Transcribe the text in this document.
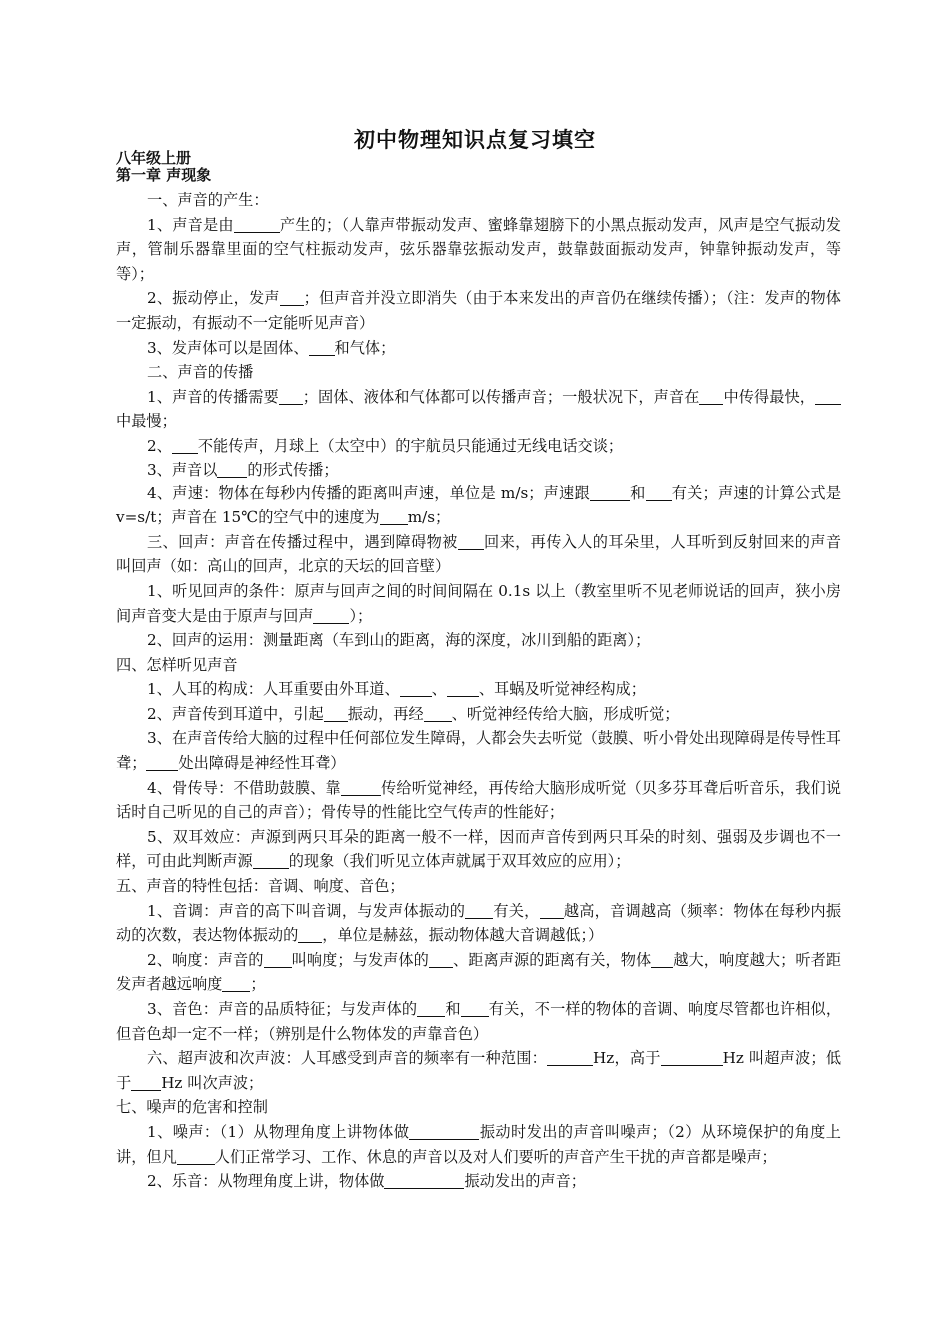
初中物理知识点复习填空

八年级上册

第一章 声现象

一、声音的产生：

1、声音是由	产生的；（人靠声带振动发声、蜜蜂靠翅膀下的小黑点振动发声，风声是空气振动发声，管制乐器靠里面的空气柱振动发声，弦乐器靠弦振动发声，鼓靠鼓面振动发声，钟靠钟振动发声，等等）；

2、振动停止，发声 ；但声音并没立即消失（由于本来发出的声音仍在继续传播）；（注：发声的物体一定振动，有振动不一定能听见声音）

3、发声体可以是固体、 和气体；

二、声音的传播

1、声音的传播需要 ；固体、液体和气体都可以传播声音；一般状况下，声音在 中传得最快，中最慢；

2、 不能传声，月球上（太空中）的宇航员只能通过无线电话交谈；

3、声音以 的形式传播；

4、声速：物体在每秒内传播的距离叫声速，单位是 m/s；声速跟	和 有关；声速的计算公式是 v=s/t；声音在 15℃的空气中的速度为 m/s；

三、回声：声音在传播过程中，遇到障碍物被 回来，再传入人的耳朵里，人耳听到反射回来的声音叫回声（如：高山的回声，北京的天坛的回音壁）

1、听见回声的条件：原声与回声之间的时间间隔在 0.1s 以上（教室里听不见老师说话的回声，狭小房间声音变大是由于原声与回声 ）；

2、回声的运用：测量距离（车到山的距离，海的深度，冰川到船的距离）；

四、怎样听见声音

1、人耳的构成：人耳重要由外耳道、 、 、耳蜗及听觉神经构成；

2、声音传到耳道中，引起 振动，再经 、听觉神经传给大脑，形成听觉；

3、在声音传给大脑的过程中任何部位发生障碍，人都会失去听觉（鼓膜、听小骨处出现障碍是传导性耳聋； 处出障碍是神经性耳聋）

4、骨传导：不借助鼓膜、靠	传给听觉神经，再传给大脑形成听觉（贝多芬耳聋后听音乐，我们说话时自己听见的自己的声音）；骨传导的性能比空气传声的性能好；

5、双耳效应：声源到两只耳朵的距离一般不一样，因而声音传到两只耳朵的时刻、强弱及步调也不一样，可由此判断声源 的现象（我们听见立体声就属于双耳效应的应用）；

五、声音的特性包括：音调、响度、音色；

1、音调：声音的高下叫音调，与发声体振动的 有关， 越高，音调越高（频率：物体在每秒内振动的次数，表达物体振动的 ，单位是赫兹，振动物体越大音调越低；）

2、响度：声音的 叫响度；与发声体的 、距离声源的距离有关，物体 越大，响度越大；听者距发声者越远响度 ；

3、音色：声音的品质特征；与发声体的 和 有关，不一样的物体的音调、响度尽管都也许相似，但音色却一定不一样；（辨别是什么物体发的声靠音色）

六、超声波和次声波：人耳感受到声音的频率有一种范围：	Hz，高于	Hz 叫超声波；低于 Hz 叫次声波；

七、噪声的危害和控制

1、噪声：（1）从物理角度上讲物体做	振动时发出的声音叫噪声；（2）从环境保护的角度上讲，但凡	人们正常学习、工作、休息的声音以及对人们要听的声音产生干扰的声音都是噪声；

2、乐音：从物理角度上讲，物体做	振动发出的声音；
